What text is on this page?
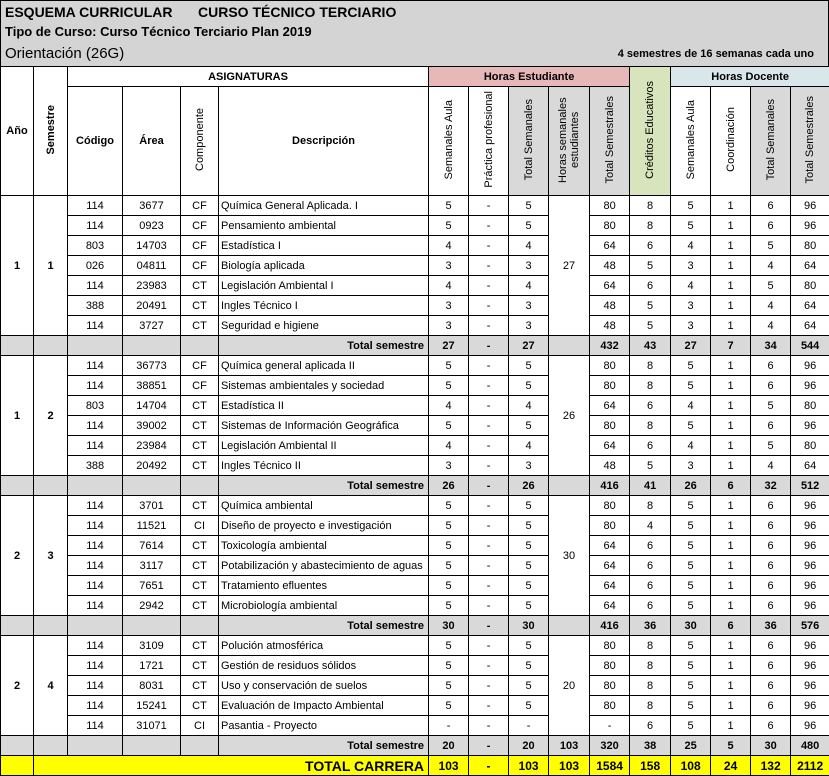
ESQUEMA CURRICULAR CURSO TÉCNICO TERCIARIO
Tipo de Curso: Curso Técnico Terciario Plan 2019
Orientación (26G)	4 semestres de 16 semanas cada uno
Año	Semestre	ASIGNATURAS				Horas Estudiante					Créditos Educativos	Horas Docente			
		Código	Área	Componente	Descripción	Semanales Aula	Práctica profesional	Total Semanales	Horas semanales estudiantes	Total Semestrales		Semanales Aula	Coordinación	Total Semanales	Total Semestrales
1	1	114	3677	CF	Química General Aplicada. I	5	-	5	27	80	8	5	1	6	96
		114	0923	CF	Pensamiento ambiental	5	-	5		80	8	5	1	6	96
		803	14703	CF	Estadística I	4	-	4		64	6	4	1	5	80
		026	04811	CF	Biología aplicada	3	-	3		48	5	3	1	4	64
		114	23983	CT	Legislación Ambiental I	4	-	4		64	6	4	1	5	80
		388	20491	CT	Ingles Técnico I	3	-	3		48	5	3	1	4	64
		114	3727	CT	Seguridad e higiene	3	-	3		48	5	3	1	4	64
					Total semestre	27	-	27		432	43	27	7	34	544
1	2	114	36773	CF	Química general aplicada II	5	-	5	26	80	8	5	1	6	96
		114	38851	CF	Sistemas ambientales y sociedad	5	-	5		80	8	5	1	6	96
		803	14704	CT	Estadística II	4	-	4		64	6	4	1	5	80
		114	39002	CT	Sistemas de Información Geográfica	5	-	5		80	8	5	1	6	96
		114	23984	CT	Legislación Ambiental II	4	-	4		64	6	4	1	5	80
		388	20492	CT	Ingles Técnico II	3	-	3		48	5	3	1	4	64
					Total semestre	26	-	26		416	41	26	6	32	512
2	3	114	3701	CT	Química ambiental	5	-	5	30	80	8	5	1	6	96
		114	11521	CI	Diseño de proyecto e investigación	5	-	5		80	4	5	1	6	96
		114	7614	CT	Toxicología ambiental	5	-	5		64	6	5	1	6	96
		114	3117	CT	Potabilización y abastecimiento de aguas	5	-	5		64	6	5	1	6	96
		114	7651	CT	Tratamiento efluentes	5	-	5		64	6	5	1	6	96
		114	2942	CT	Microbiología ambiental	5	-	5		64	6	5	1	6	96
					Total semestre	30	-	30		416	36	30	6	36	576
2	4	114	3109	CT	Polución atmosférica	5	-	5	20	80	8	5	1	6	96
		114	1721	CT	Gestión de residuos sólidos	5	-	5		80	8	5	1	6	96
		114	8031	CT	Uso y conservación de suelos	5	-	5		80	8	5	1	6	96
		114	15241	CT	Evaluación de Impacto Ambiental	5	-	5		80	8	5	1	6	96
		114	31071	CI	Pasantia - Proyecto	-	-	-		-	6	5	1	6	96
					Total semestre	20	-	20	103	320	38	25	5	30	480
	TOTAL CARRERA					103	-	103	103	1584	158	108	24	132	2112
